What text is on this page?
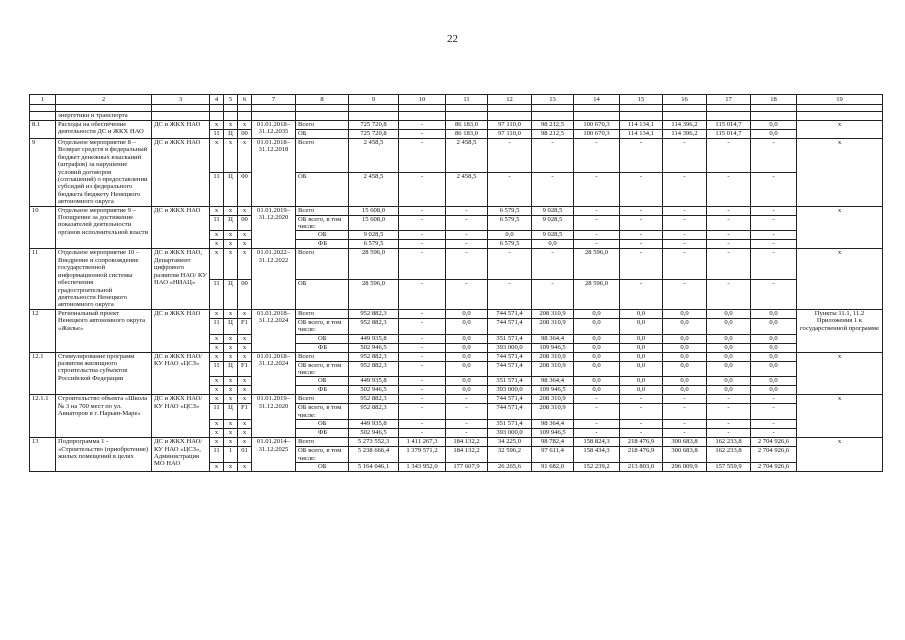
22
1	2	3	4	5	6	7	8	9	10	11	12	13	14	15	16	17	18	19

	энергетики и транспорта																	
8.1	Расходы на обеспечение деятельности ДС и ЖКХ НАО	ДС и ЖКХ НАО	х	х	х	01.01.2018– 31.12.2035	Всего	725 720,8	-	86 183,0	97 110,0	98 212,5	100 670,3	114 134,1	114 396,2	115 014,7	0,0	х
			11	Ц	00		ОБ	725 720,8	-	86 183,0	97 110,0	98 212,5	100 670,3	114 134,1	114 396,2	115 014,7	0,0	
9	Отдельное мероприятие 8 – Возврат средств в федеральный бюджет денежных взысканий (штрафов) за нарушение условий договоров (соглашений) о предоставлении субсидий из федерального бюджета бюджету Ненецкого автономного округа	ДС и ЖКХ НАО	х	х	х	01.01.2018– 31.12.2018	Всего	2 458,5	-	2 458,5	-	-	-	-	-	-	-	х
			11	Ц	00		ОБ	2 458,5	-	2 458,5	-	-	-	-	-	-	-	
10	Отдельное мероприятие 9 – Поощрение за достижение показателей деятельности органов исполнительной власти	ДС и ЖКХ НАО	х	х	х	01.01.2019– 31.12.2020	Всего	15 608,0	-	-	6 579,5	9 028,5	-	-	-	-	-	х
			11	Ц	00		ОБ всего, в том числе:	15 608,0	-	-	6 579,5	9 028,5	-	-	-	-	-	
			х	х	х		ОБ	9 028,5	-	-	0,0	9 028,5	-	-	-	-	-	
			х	х	х		ФБ	6 579,5	-	-	6 579,5	0,0	-	-	-	-	-	
11	Отдельное мероприятие 10 – Внедрение и сопровождение государственной информационной системы обеспечения градостроительной деятельности Ненецкого автономного округа	ДС и ЖКХ НАО, Департамент цифрового развития НАО/ КУ НАО «НИАЦ»	х	х	х	01.01.2022– 31.12.2022	Всего	28 596,0	-	-	-	-	28 596,0	-	-	-	-	х
			11	Ц	00		ОБ	28 596,0	-	-	-	-	28 596,0	-	-	-	-	
12	Региональный проект Ненецкого автономного округа «Жилье»	ДС и ЖКХ НАО	х	х	х	01.01.2018– 31.12.2024	Всего	952 882,3	-	0,0	744 571,4	208 310,9	0,0	0,0	0,0	0,0	0,0	Пункты 11.1, 11.2 Приложения 1 к государственной программе
			11	Ц	F1		ОБ всего, в том числе:	952 882,3	-	0,0	744 571,4	208 310,9	0,0	0,0	0,0	0,0	0,0	
			х	х	х		ОБ	449 935,8	-	0,0	351 571,4	98 364,4	0,0	0,0	0,0	0,0	0,0	
			х	х	х		ФБ	502 946,5	-	0,0	393 000,0	109 946,5	0,0	0,0	0,0	0,0	0,0	
12.1	Стимулирование программ развития жилищного строительства субъектов Российской Федерации	ДС и ЖКХ НАО/ КУ НАО «ЦСЗ»	х	х	х	01.01.2018– 31.12.2024	Всего	952 882,3	-	0,0	744 571,4	208 310,9	0,0	0,0	0,0	0,0	0,0	х
			11	Ц	F1		ОБ всего, в том числе:	952 882,3	-	0,0	744 571,4	208 310,9	0,0	0,0	0,0	0,0	0,0	
			х	х	х		ОБ	449 935,8	-	0,0	351 571,4	98 364,4	0,0	0,0	0,0	0,0	0,0	
			х	х	х		ФБ	502 946,5	-	0,0	393 000,0	109 946,5	0,0	0,0	0,0	0,0	0,0	
12.1.1	Строительство объекта «Школа № 3 на 700 мест по ул. Авиаторов в г. Нарьян-Маре»	ДС и ЖКХ НАО/ КУ НАО «ЦСЗ»	х	х	х	01.01.2019– 31.12.2020	Всего	952 882,3	-	-	744 571,4	208 310,9	-	-	-	-	-	х
			11	Ц	F1		ОБ всего, в том числе:	952 882,3	-	-	744 571,4	208 310,9	-	-	-	-	-	
			х	х	х		ОБ	449 935,8	-	-	351 571,4	98 364,4	-	-	-	-	-	
			х	х	х		ФБ	502 946,5	-	-	393 000,0	109 946,5	-	-	-	-	-	
13	Подпрограмма 1 - «Строительство (приобретение) жилых помещений в целях	ДС и ЖКХ НАО/ КУ НАО «ЦСЗ», Администрация МО НАО	х	х	х	01.01.2014– 31.12.2025	Всего	5 273 552,3	1 411 267,3	184 132,2	34 225,0	98 782,4	158 824,3	218 476,9	300 683,8	162 233,8	2 704 926,6	х
			11	1	01		ОБ всего, в том числе:	5 238 666,4	1 379 571,2	184 132,2	32 596,2	97 611,4	158 434,3	218 476,9	300 683,8	162 233,8	2 704 926,6	
			х	х	х		ОБ	5 164 046,1	1 343 952,0	177 607,9	26 265,6	91 682,0	152 239,2	213 803,0	296 009,9	157 559,9	2 704 926,6	
